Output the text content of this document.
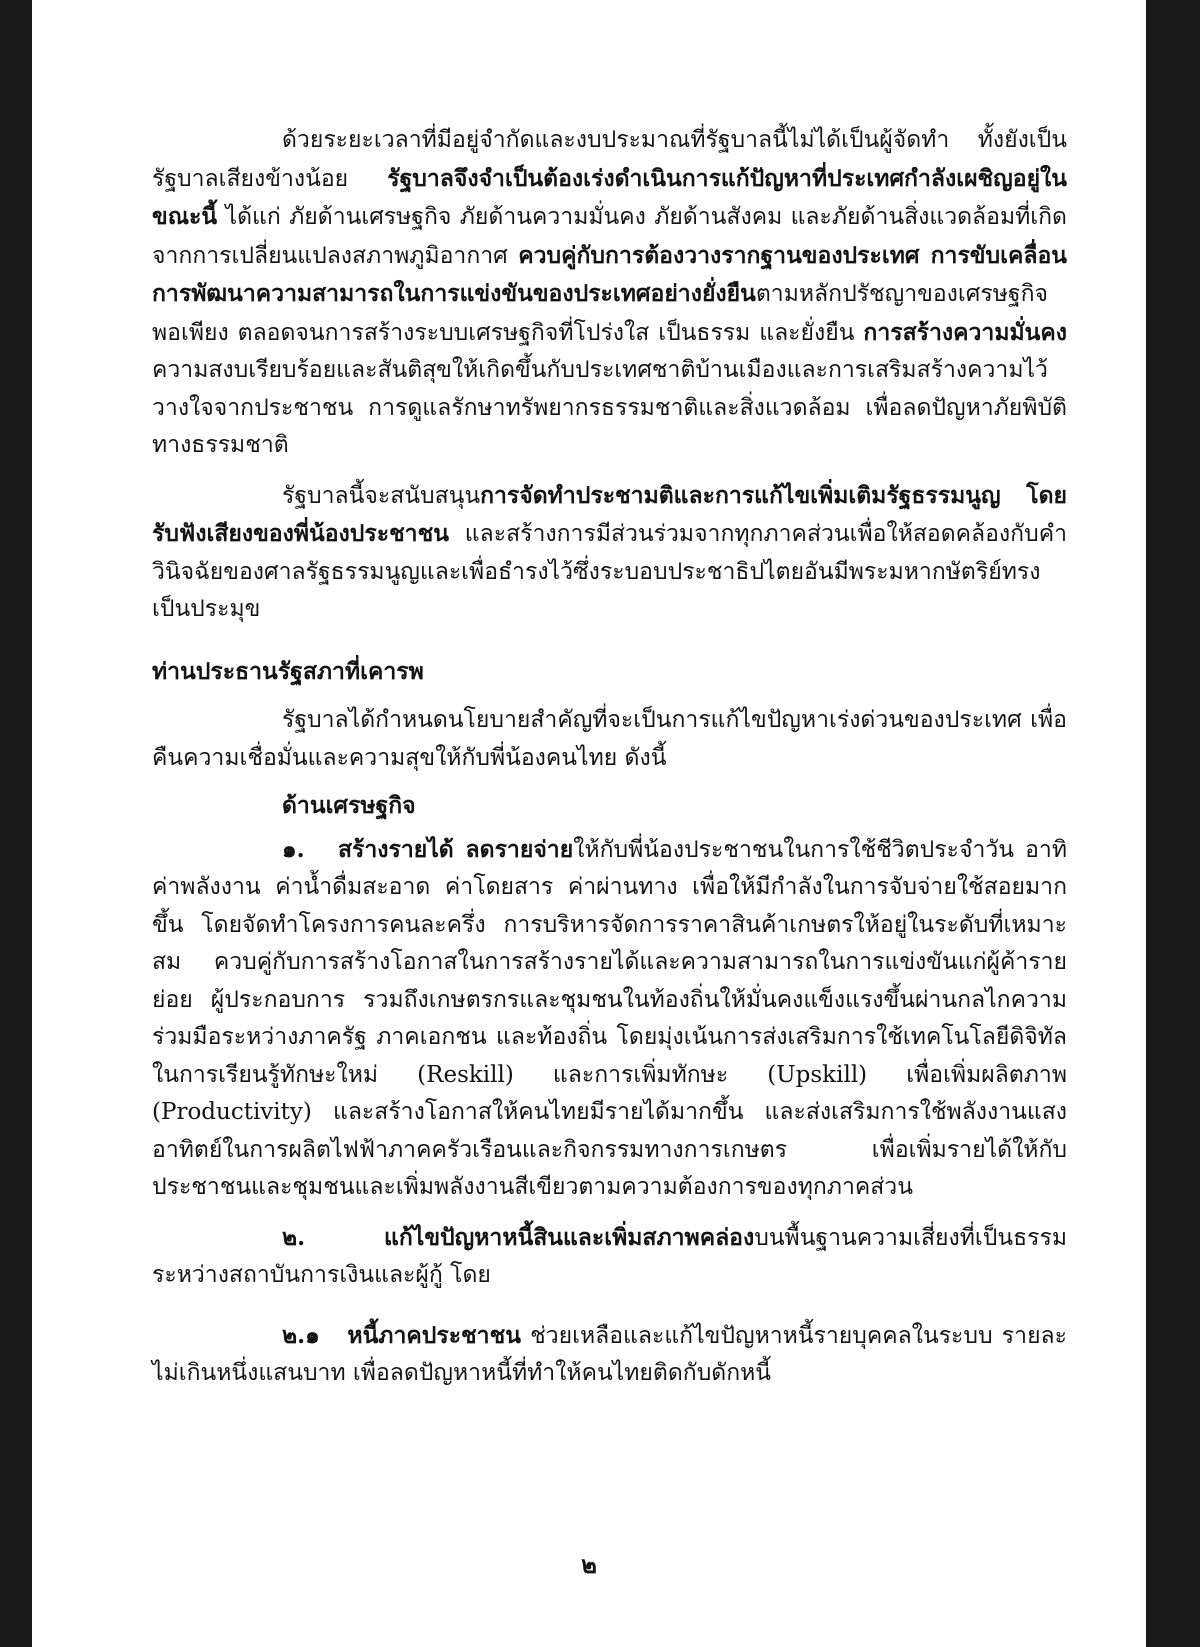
ด้วยระยะเวลาที่มีอยู่จำกัดและงบประมาณที่รัฐบาลนี้ไม่ได้เป็นผู้จัดทำ ทั้งยังเป็นรัฐบาลเสียงข้างน้อย รัฐบาลจึงจำเป็นต้องเร่งดำเนินการแก้ปัญหาที่ประเทศกำลังเผชิญอยู่ในขณะนี้ ได้แก่ ภัยด้านเศรษฐกิจ ภัยด้านความมั่นคง ภัยด้านสังคม และภัยด้านสิ่งแวดล้อมที่เกิดจากการเปลี่ยนแปลงสภาพภูมิอากาศ ควบคู่กับการต้องวางรากฐานของประเทศ การขับเคลื่อนการพัฒนาความสามารถในการแข่งขันของประเทศอย่างยั่งยืนตามหลักปรัชญาของเศรษฐกิจพอเพียง ตลอดจนการสร้างระบบเศรษฐกิจที่โปร่งใส เป็นธรรม และยั่งยืน การสร้างความมั่นคง ความสงบเรียบร้อยและสันติสุขให้เกิดขึ้นกับประเทศชาติบ้านเมืองและการเสริมสร้างความไว้วางใจจากประชาชน การดูแลรักษาทรัพยากรธรรมชาติและสิ่งแวดล้อม เพื่อลดปัญหาภัยพิบัติทางธรรมชาติ

รัฐบาลนี้จะสนับสนุนการจัดทำประชามติและการแก้ไขเพิ่มเติมรัฐธรรมนูญ โดยรับฟังเสียงของพี่น้องประชาชน และสร้างการมีส่วนร่วมจากทุกภาคส่วนเพื่อให้สอดคล้องกับคำวินิจฉัยของศาลรัฐธรรมนูญและเพื่อธำรงไว้ซึ่งระบอบประชาธิปไตยอันมีพระมหากษัตริย์ทรงเป็นประมุข

ท่านประธานรัฐสภาที่เคารพ

รัฐบาลได้กำหนดนโยบายสำคัญที่จะเป็นการแก้ไขปัญหาเร่งด่วนของประเทศ เพื่อคืนความเชื่อมั่นและความสุขให้กับพี่น้องคนไทย ดังนี้

ด้านเศรษฐกิจ

๑. สร้างรายได้ ลดรายจ่ายให้กับพี่น้องประชาชนในการใช้ชีวิตประจำวัน อาทิ ค่าพลังงาน ค่าน้ำดื่มสะอาด ค่าโดยสาร ค่าผ่านทาง เพื่อให้มีกำลังในการจับจ่ายใช้สอยมากขึ้น โดยจัดทำโครงการคนละครึ่ง การบริหารจัดการราคาสินค้าเกษตรให้อยู่ในระดับที่เหมาะสม ควบคู่กับการสร้างโอกาสในการสร้างรายได้และความสามารถในการแข่งขันแก่ผู้ค้ารายย่อย ผู้ประกอบการ รวมถึงเกษตรกรและชุมชนในท้องถิ่นให้มั่นคงแข็งแรงขึ้นผ่านกลไกความร่วมมือระหว่างภาครัฐ ภาคเอกชน และท้องถิ่น โดยมุ่งเน้นการส่งเสริมการใช้เทคโนโลยีดิจิทัลในการเรียนรู้ทักษะใหม่ (Reskill) และการเพิ่มทักษะ (Upskill) เพื่อเพิ่มผลิตภาพ (Productivity) และสร้างโอกาสให้คนไทยมีรายได้มากขึ้น และส่งเสริมการใช้พลังงานแสงอาทิตย์ในการผลิตไฟฟ้าภาคครัวเรือนและกิจกรรมทางการเกษตร เพื่อเพิ่มรายได้ให้กับประชาชนและชุมชนและเพิ่มพลังงานสีเขียวตามความต้องการของทุกภาคส่วน

๒.	แก้ไขปัญหาหนี้สินและเพิ่มสภาพคล่องบนพื้นฐานความเสี่ยงที่เป็นธรรมระหว่างสถาบันการเงินและผู้กู้ โดย

๒.๑ หนี้ภาคประชาชน ช่วยเหลือและแก้ไขปัญหาหนี้รายบุคคลในระบบ รายละไม่เกินหนึ่งแสนบาท เพื่อลดปัญหาหนี้ที่ทำให้คนไทยติดกับดักหนี้

๒
